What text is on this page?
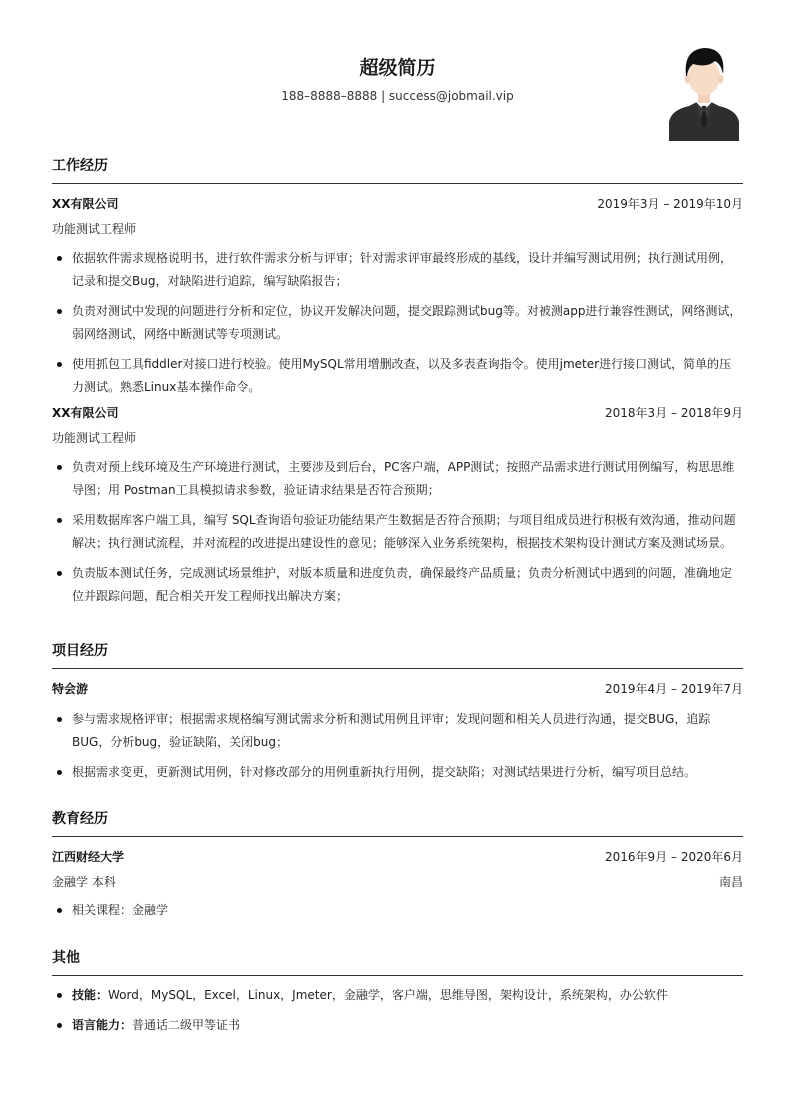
超级简历
188–8888–8888 | success@jobmail.vip
工作经历
XX有限公司	2019年3月 – 2019年10月
功能测试工程师
依据软件需求规格说明书，进行软件需求分析与评审；针对需求评审最终形成的基线，设计并编写测试用例；执行测试用例，记录和提交Bug，对缺陷进行追踪，编写缺陷报告；
负责对测试中发现的问题进行分析和定位，协议开发解决问题，提交跟踪测试bug等。对被测app进行兼容性测试，网络测试，弱网络测试，网络中断测试等专项测试。
使用抓包工具fiddler对接口进行校验。使用MySQL常用增删改查，以及多表查询指令。使用jmeter进行接口测试，简单的压力测试。熟悉Linux基本操作命令。
XX有限公司	2018年3月 – 2018年9月
功能测试工程师
负责对预上线环境及生产环境进行测试，主要涉及到后台，PC客户端，APP测试；按照产品需求进行测试用例编写，构思思维导图；用 Postman工具模拟请求参数，验证请求结果是否符合预期；
采用数据库客户端工具，编写 SQL查询语句验证功能结果产生数据是否符合预期；与项目组成员进行积极有效沟通，推动问题解决；执行测试流程，并对流程的改进提出建设性的意见；能够深入业务系统架构，根据技术架构设计测试方案及测试场景。
负责版本测试任务，完成测试场景维护，对版本质量和进度负责，确保最终产品质量；负责分析测试中遇到的问题，准确地定位并跟踪问题，配合相关开发工程师找出解决方案；
项目经历
特会游	2019年4月 – 2019年7月
参与需求规格评审；根据需求规格编写测试需求分析和测试用例且评审；发现问题和相关人员进行沟通，提交BUG，追踪BUG，分析bug，验证缺陷，关闭bug；
根据需求变更，更新测试用例，针对修改部分的用例重新执行用例，提交缺陷；对测试结果进行分析，编写项目总结。
教育经历
江西财经大学	2016年9月 – 2020年6月
金融学 本科	南昌
相关课程：金融学
其他
技能：Word，MySQL，Excel，Linux，Jmeter，金融学，客户端，思维导图，架构设计，系统架构，办公软件
语言能力：普通话二级甲等证书
